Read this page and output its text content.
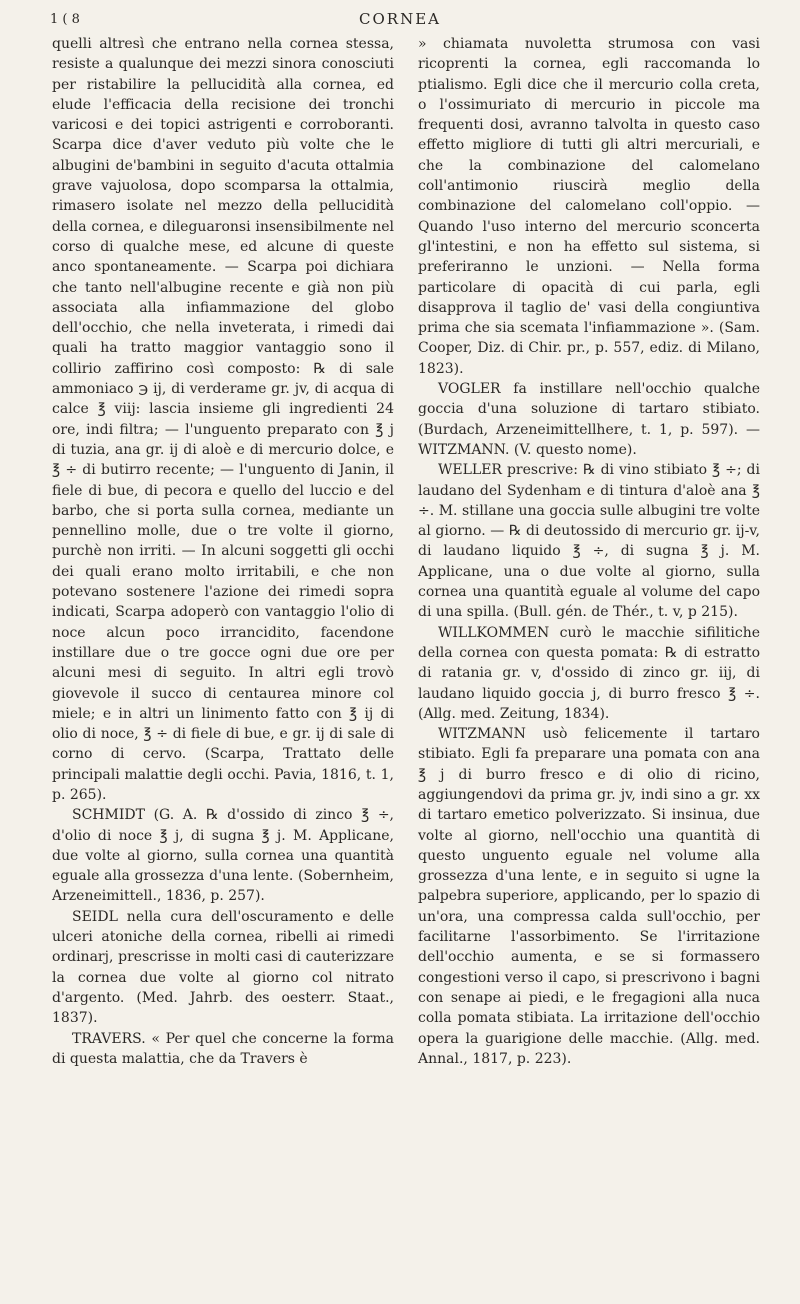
1 ( 8	CORNEA

quelli altresì che entrano nella cornea stessa, resiste a qualunque dei mezzi sinora conosciuti per ristabilire la pellucidità alla cornea, ed elude l'efficacia della recisione dei tronchi varicosi e dei topici astrigenti e corroboranti. Scarpa dice d'aver veduto più volte che le albugini de'bambini in seguito d'acuta ottalmia grave vajuolosa, dopo scomparsa la ottalmia, rimasero isolate nel mezzo della pellucidità della cornea, e dileguaronsi insensibilmente nel corso di qualche mese, ed alcune di queste anco spontaneamente. — Scarpa poi dichiara che tanto nell'albugine recente e già non più associata alla infiammazione del globo dell'occhio, che nella inveterata, i rimedi dai quali ha tratto maggior vantaggio sono il collirio zaffirino così composto: ℞ di sale ammoniaco ℈ ij, di verderame gr. jv, di acqua di calce ℥ viij: lascia insieme gli ingredienti 24 ore, indi filtra; — l'unguento preparato con ℥ j di tuzia, ana gr. ij di aloè e di mercurio dolce, e ℥ ÷ di butirro recente; — l'unguento di Janin, il fiele di bue, di pecora e quello del luccio e del barbo, che si porta sulla cornea, mediante un pennellino molle, due o tre volte il giorno, purchè non irriti. — In alcuni soggetti gli occhi dei quali erano molto irritabili, e che non potevano sostenere l'azione dei rimedi sopra indicati, Scarpa adoperò con vantaggio l'olio di noce alcun poco irrancidito, facendone instillare due o tre gocce ogni due ore per alcuni mesi di seguito. In altri egli trovò giovevole il succo di centaurea minore col miele; e in altri un linimento fatto con ℥ ij di olio di noce, ℥ ÷ di fiele di bue, e gr. ij di sale di corno di cervo. (Scarpa, Trattato delle principali malattie degli occhi. Pavia, 1816, t. 1, p. 265).

SCHMIDT (G. A. ℞ d'ossido di zinco ℥ ÷, d'olio di noce ℥ j, di sugna ℥ j. M. Applicane, due volte al giorno, sulla cornea una quantità eguale alla grossezza d'una lente. (Sobernheim, Arzeneimittell., 1836, p. 257).

SEIDL nella cura dell'oscuramento e delle ulceri atoniche della cornea, ribelli ai rimedi ordinarj, prescrisse in molti casi di cauterizzare la cornea due volte al giorno col nitrato d'argento. (Med. Jahrb. des oesterr. Staat., 1837).

TRAVERS. « Per quel che concerne la forma di questa malattia, che da Travers è

» chiamata nuvoletta strumosa con vasi ricoprenti la cornea, egli raccomanda lo ptialismo. Egli dice che il mercurio colla creta, o l'ossimuriato di mercurio in piccole ma frequenti dosi, avranno talvolta in questo caso effetto migliore di tutti gli altri mercuriali, e che la combinazione del calomelano coll'antimonio riuscirà meglio della combinazione del calomelano coll'oppio. — Quando l'uso interno del mercurio sconcerta gl'intestini, e non ha effetto sul sistema, si preferiranno le unzioni. — Nella forma particolare di opacità di cui parla, egli disapprova il taglio de' vasi della congiuntiva prima che sia scemata l'infiammazione ». (Sam. Cooper, Diz. di Chir. pr., p. 557, ediz. di Milano, 1823).

VOGLER fa instillare nell'occhio qualche goccia d'una soluzione di tartaro stibiato. (Burdach, Arzeneimittellhere, t. 1, p. 597). — WITZMANN. (V. questo nome).

WELLER prescrive: ℞ di vino stibiato ℥ ÷; di laudano del Sydenham e di tintura d'aloè ana ℥ ÷. M. stillane una goccia sulle albugini tre volte al giorno. — ℞ di deutossido di mercurio gr. ij-v, di laudano liquido ℥ ÷, di sugna ℥ j. M. Applicane, una o due volte al giorno, sulla cornea una quantità eguale al volume del capo di una spilla. (Bull. gén. de Thér., t. v, p 215).

WILLKOMMEN curò le macchie sifilitiche della cornea con questa pomata: ℞ di estratto di ratania gr. v, d'ossido di zinco gr. iij, di laudano liquido goccia j, di burro fresco ℥ ÷. (Allg. med. Zeitung, 1834).

WITZMANN usò felicemente il tartaro stibiato. Egli fa preparare una pomata con ana ℥ j di burro fresco e di olio di ricino, aggiungendovi da prima gr. jv, indi sino a gr. xx di tartaro emetico polverizzato. Si insinua, due volte al giorno, nell'occhio una quantità di questo unguento eguale nel volume alla grossezza d'una lente, e in seguito si ugne la palpebra superiore, applicando, per lo spazio di un'ora, una compressa calda sull'occhio, per facilitarne l'assorbimento. Se l'irritazione dell'occhio aumenta, e se si formassero congestioni verso il capo, si prescrivono i bagni con senape ai piedi, e le fregagioni alla nuca colla pomata stibiata. La irritazione dell'occhio opera la guarigione delle macchie. (Allg. med. Annal., 1817, p. 223).
